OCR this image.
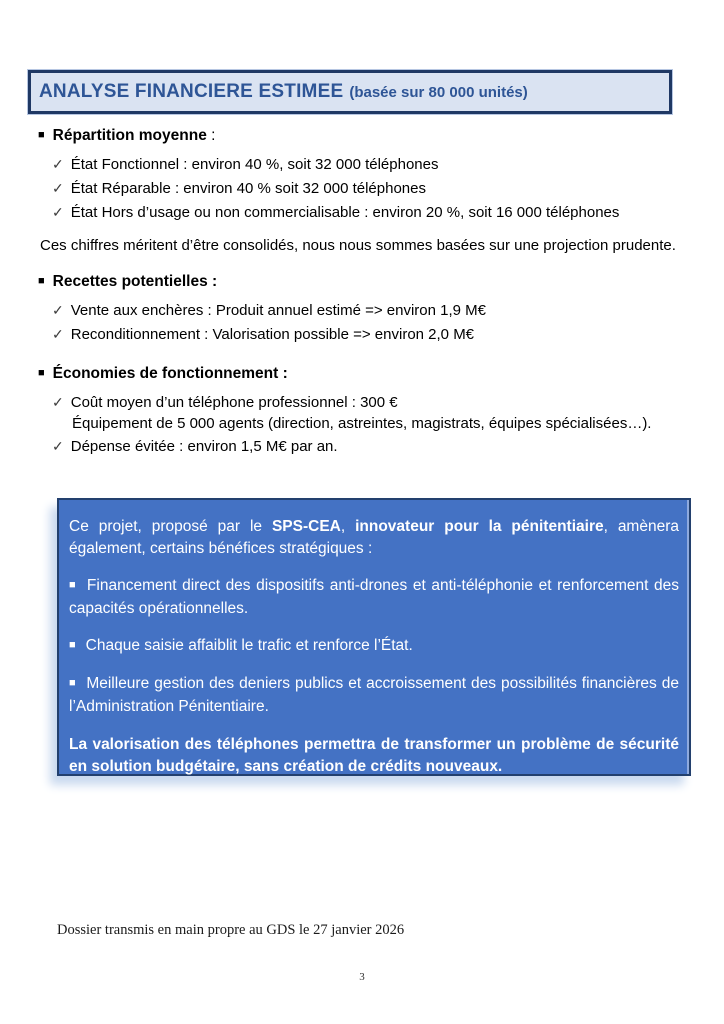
ANALYSE FINANCIERE ESTIMEE (basée sur 80 000 unités)
■ Répartition moyenne :
✓ État Fonctionnel : environ 40 %, soit 32 000 téléphones
✓ État Réparable : environ 40 % soit 32 000 téléphones
✓ État Hors d’usage ou non commercialisable : environ 20 %, soit 16 000 téléphones
Ces chiffres méritent d’être consolidés, nous nous sommes basées sur une projection prudente.
■ Recettes potentielles :
✓ Vente aux enchères : Produit annuel estimé => environ 1,9 M€
✓ Reconditionnement : Valorisation possible => environ 2,0 M€
■ Économies de fonctionnement :
✓ Coût moyen d’un téléphone professionnel : 300 €
Équipement de 5 000 agents (direction, astreintes, magistrats, équipes spécialisées…).
✓ Dépense évitée : environ 1,5 M€ par an.
Ce projet, proposé par le SPS-CEA, innovateur pour la pénitentiaire, amènera également, certains bénéfices stratégiques :
■ Financement direct des dispositifs anti-drones et anti-téléphonie et renforcement des capacités opérationnelles.
■ Chaque saisie affaiblit le trafic et renforce l’État.
■ Meilleure gestion des deniers publics et accroissement des possibilités financières de l’Administration Pénitentiaire.
La valorisation des téléphones permettra de transformer un problème de sécurité en solution budgétaire, sans création de crédits nouveaux.
Dossier transmis en main propre au GDS le 27 janvier 2026
3
